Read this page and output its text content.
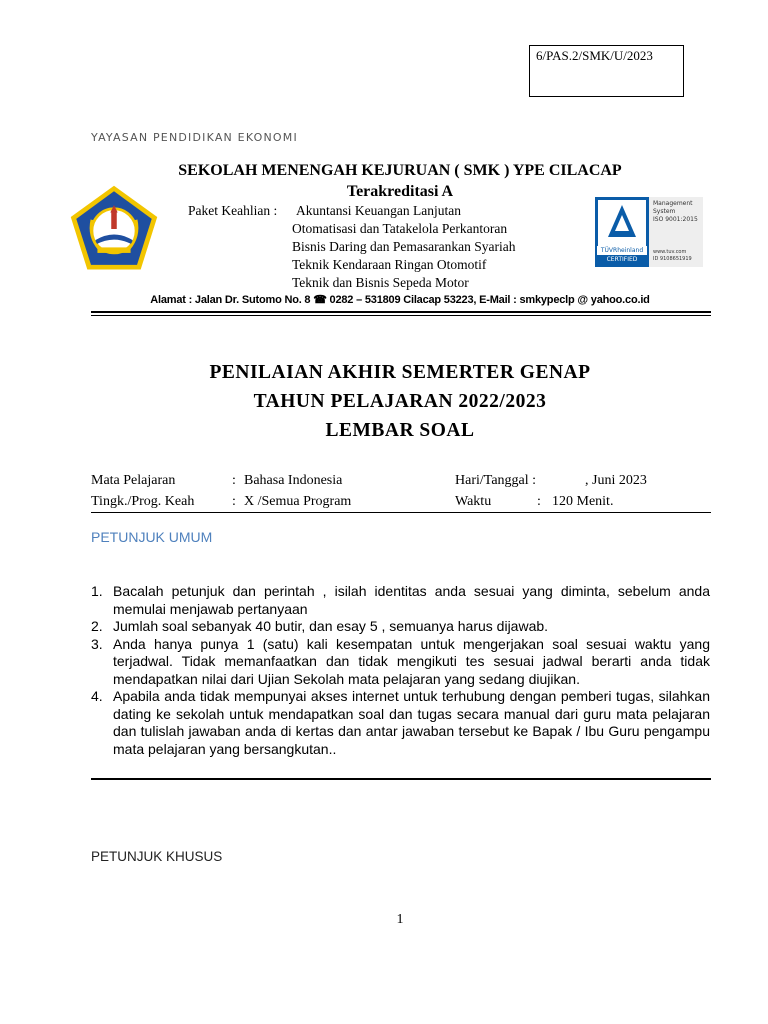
6/PAS.2/SMK/U/2023
YAYASAN PENDIDIKAN EKONOMI
SEKOLAH MENENGAH KEJURUAN ( SMK ) YPE CILACAP
Terakreditasi A
Paket Keahlian : Akuntansi Keuangan Lanjutan
Otomatisasi dan Tatakelola Perkantoran
Bisnis Daring dan Pemasarankan Syariah
Teknik Kendaraan Ringan Otomotif
Teknik dan Bisnis Sepeda Motor
TÜVRheinland
CERTIFIED
Management
System
ISO 9001:2015
www.tuv.com
ID 9108651919
Alamat : Jalan Dr. Sutomo No. 8 ☎ 0282 – 531809 Cilacap 53223, E-Mail : smkypeclp @ yahoo.co.id
PENILAIAN AKHIR SEMERTER GENAP
TAHUN PELAJARAN 2022/2023
LEMBAR SOAL
Mata Pelajaran	: Bahasa Indonesia	Hari/Tanggal :	, Juni 2023
Tingk./Prog. Keah	: X /Semua Program	Waktu	: 120 Menit.
PETUNJUK UMUM
1. Bacalah petunjuk dan perintah , isilah identitas anda sesuai yang diminta, sebelum anda memulai menjawab pertanyaan
2. Jumlah soal sebanyak 40 butir, dan esay 5 , semuanya harus dijawab.
3. Anda hanya punya 1 (satu) kali kesempatan untuk mengerjakan soal sesuai waktu yang terjadwal. Tidak memanfaatkan dan tidak mengikuti tes sesuai jadwal berarti anda tidak mendapatkan nilai dari Ujian Sekolah mata pelajaran yang sedang diujikan.
4. Apabila anda tidak mempunyai akses internet untuk terhubung dengan pemberi tugas, silahkan dating ke sekolah untuk mendapatkan soal dan tugas secara manual dari guru mata pelajaran dan tulislah jawaban anda di kertas dan antar jawaban tersebut ke Bapak / Ibu Guru pengampu mata pelajaran yang bersangkutan..
PETUNJUK KHUSUS
1
